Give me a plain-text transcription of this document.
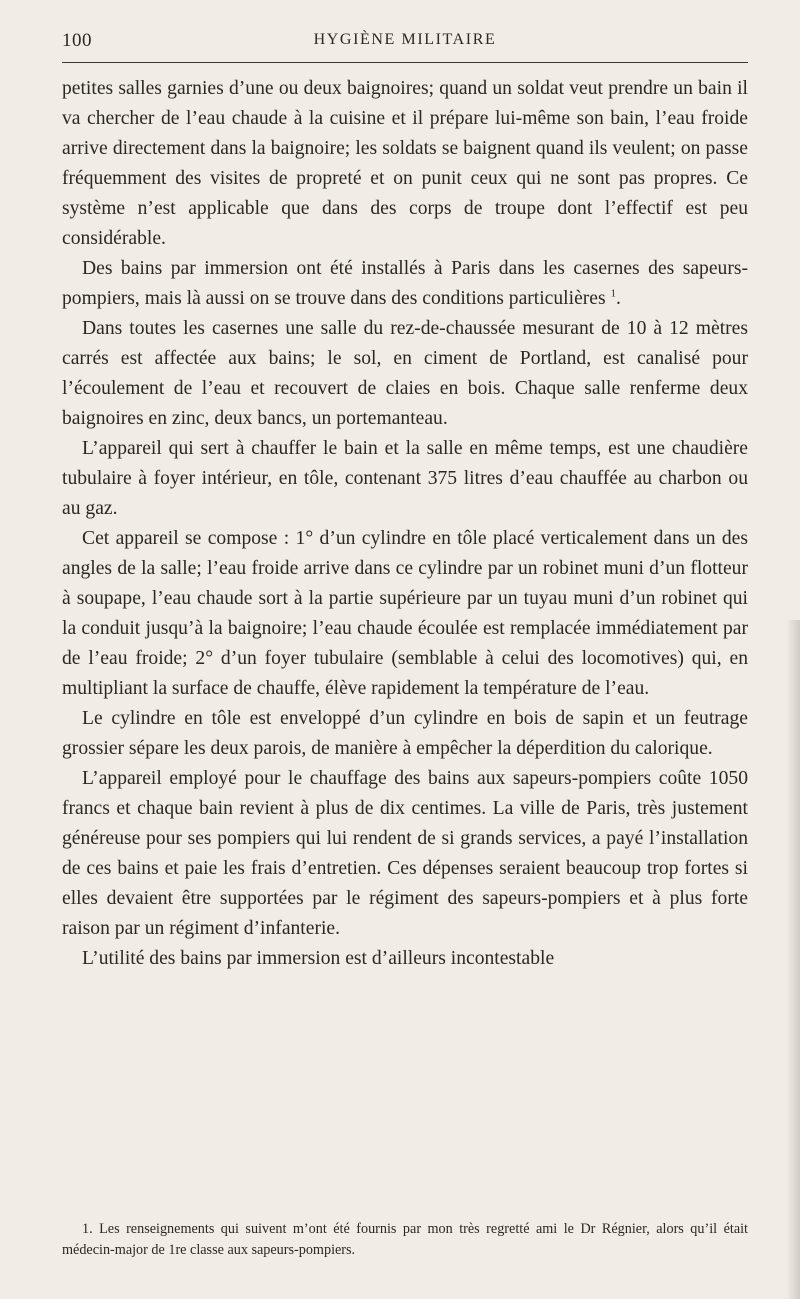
100	HYGIÈNE MILITAIRE

petites salles garnies d’une ou deux baignoires; quand un soldat veut prendre un bain il va chercher de l’eau chaude à la cuisine et il prépare lui-même son bain, l’eau froide arrive directement dans la baignoire; les soldats se baignent quand ils veulent; on passe fréquemment des visites de propreté et on punit ceux qui ne sont pas propres. Ce système n’est applicable que dans des corps de troupe dont l’effectif est peu considérable.

Des bains par immersion ont été installés à Paris dans les casernes des sapeurs-pompiers, mais là aussi on se trouve dans des conditions particulières $^1$.

Dans toutes les casernes une salle du rez-de-chaussée mesurant de 10 à 12 mètres carrés est affectée aux bains; le sol, en ciment de Portland, est canalisé pour l’écoulement de l’eau et recouvert de claies en bois. Chaque salle renferme deux baignoires en zinc, deux bancs, un portemanteau.

L’appareil qui sert à chauffer le bain et la salle en même temps, est une chaudière tubulaire à foyer intérieur, en tôle, contenant 375 litres d’eau chauffée au charbon ou au gaz.

Cet appareil se compose : 1° d’un cylindre en tôle placé verticalement dans un des angles de la salle; l’eau froide arrive dans ce cylindre par un robinet muni d’un flotteur à soupape, l’eau chaude sort à la partie supérieure par un tuyau muni d’un robinet qui la conduit jusqu’à la baignoire; l’eau chaude écoulée est remplacée immédiatement par de l’eau froide; 2° d’un foyer tubulaire (semblable à celui des locomotives) qui, en multipliant la surface de chauffe, élève rapidement la température de l’eau.

Le cylindre en tôle est enveloppé d’un cylindre en bois de sapin et un feutrage grossier sépare les deux parois, de manière à empêcher la déperdition du calorique.

L’appareil employé pour le chauffage des bains aux sapeurs-pompiers coûte 1050 francs et chaque bain revient à plus de dix centimes. La ville de Paris, très justement généreuse pour ses pompiers qui lui rendent de si grands services, a payé l’installation de ces bains et paie les frais d’entretien. Ces dépenses seraient beaucoup trop fortes si elles devaient être supportées par le régiment des sapeurs-pompiers et à plus forte raison par un régiment d’infanterie.

L’utilité des bains par immersion est d’ailleurs incontestable

1. Les renseignements qui suivent m’ont été fournis par mon très regretté ami le Dr Régnier, alors qu’il était médecin-major de 1re classe aux sapeurs-pompiers.
